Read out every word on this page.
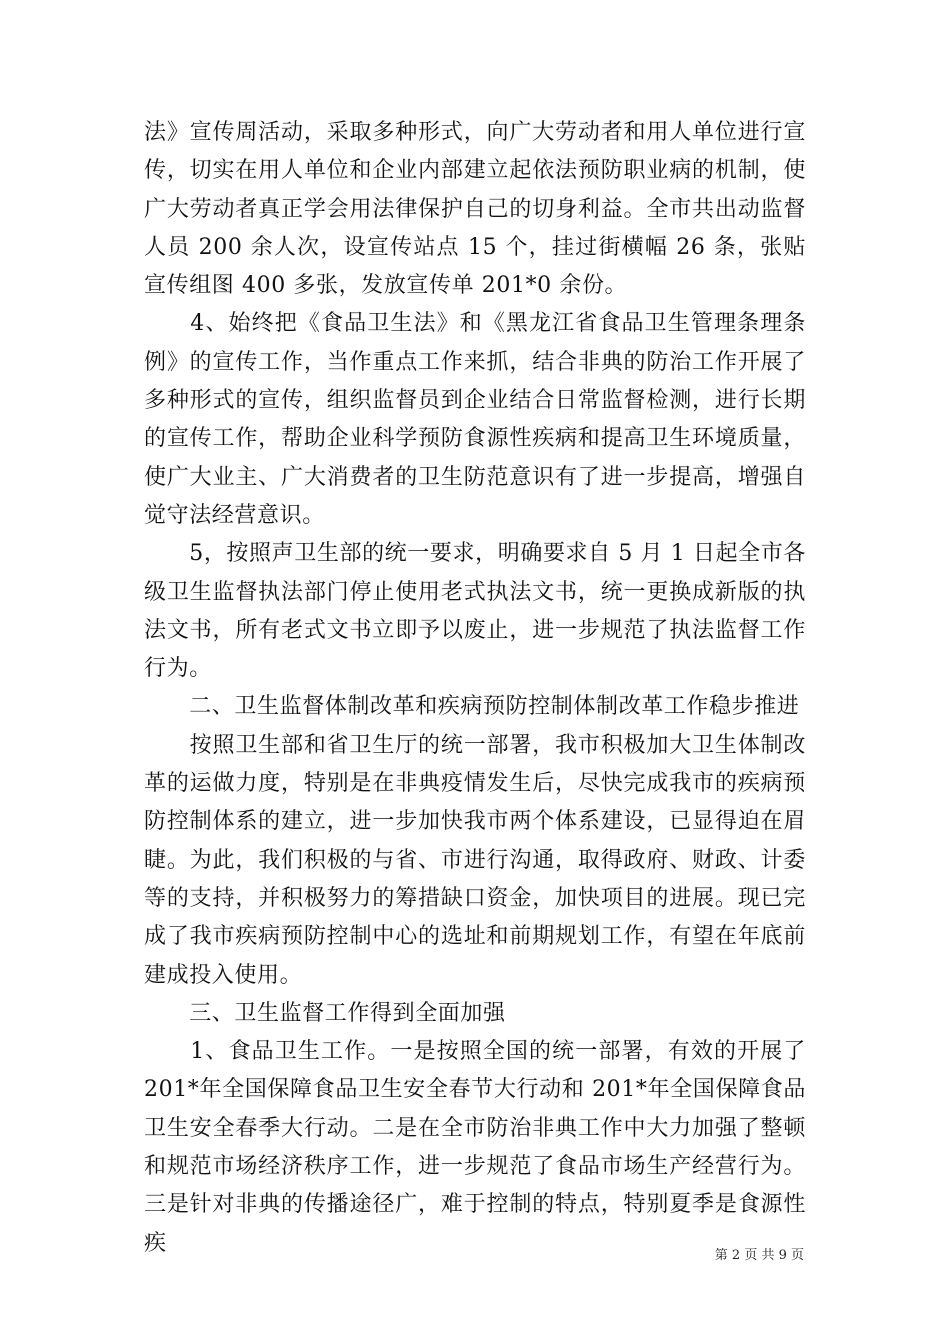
法》宣传周活动，采取多种形式，向广大劳动者和用人单位进行宣传，切实在用人单位和企业内部建立起依法预防职业病的机制，使广大劳动者真正学会用法律保护自己的切身利益。全市共出动监督人员 200 余人次，设宣传站点 15 个，挂过街横幅 26 条，张贴宣传组图 400 多张，发放宣传单 201*0 余份。

　　4、始终把《食品卫生法》和《黑龙江省食品卫生管理条理条例》的宣传工作，当作重点工作来抓，结合非典的防治工作开展了多种形式的宣传，组织监督员到企业结合日常监督检测，进行长期的宣传工作，帮助企业科学预防食源性疾病和提高卫生环境质量，使广大业主、广大消费者的卫生防范意识有了进一步提高，增强自觉守法经营意识。

　　5，按照声卫生部的统一要求，明确要求自 5 月 1 日起全市各级卫生监督执法部门停止使用老式执法文书，统一更换成新版的执法文书，所有老式文书立即予以废止，进一步规范了执法监督工作行为。

　　二、卫生监督体制改革和疾病预防控制体制改革工作稳步推进

　　按照卫生部和省卫生厅的统一部署，我市积极加大卫生体制改革的运做力度，特别是在非典疫情发生后，尽快完成我市的疾病预防控制体系的建立，进一步加快我市两个体系建设，已显得迫在眉睫。为此，我们积极的与省、市进行沟通，取得政府、财政、计委等的支持，并积极努力的筹措缺口资金，加快项目的进展。现已完成了我市疾病预防控制中心的选址和前期规划工作，有望在年底前建成投入使用。

　　三、卫生监督工作得到全面加强

　　1、食品卫生工作。一是按照全国的统一部署，有效的开展了 201*年全国保障食品卫生安全春节大行动和 201*年全国保障食品卫生安全春季大行动。二是在全市防治非典工作中大力加强了整顿和规范市场经济秩序工作，进一步规范了食品市场生产经营行为。三是针对非典的传播途径广，难于控制的特点，特别夏季是食源性疾	第 2 页 共 9 页
